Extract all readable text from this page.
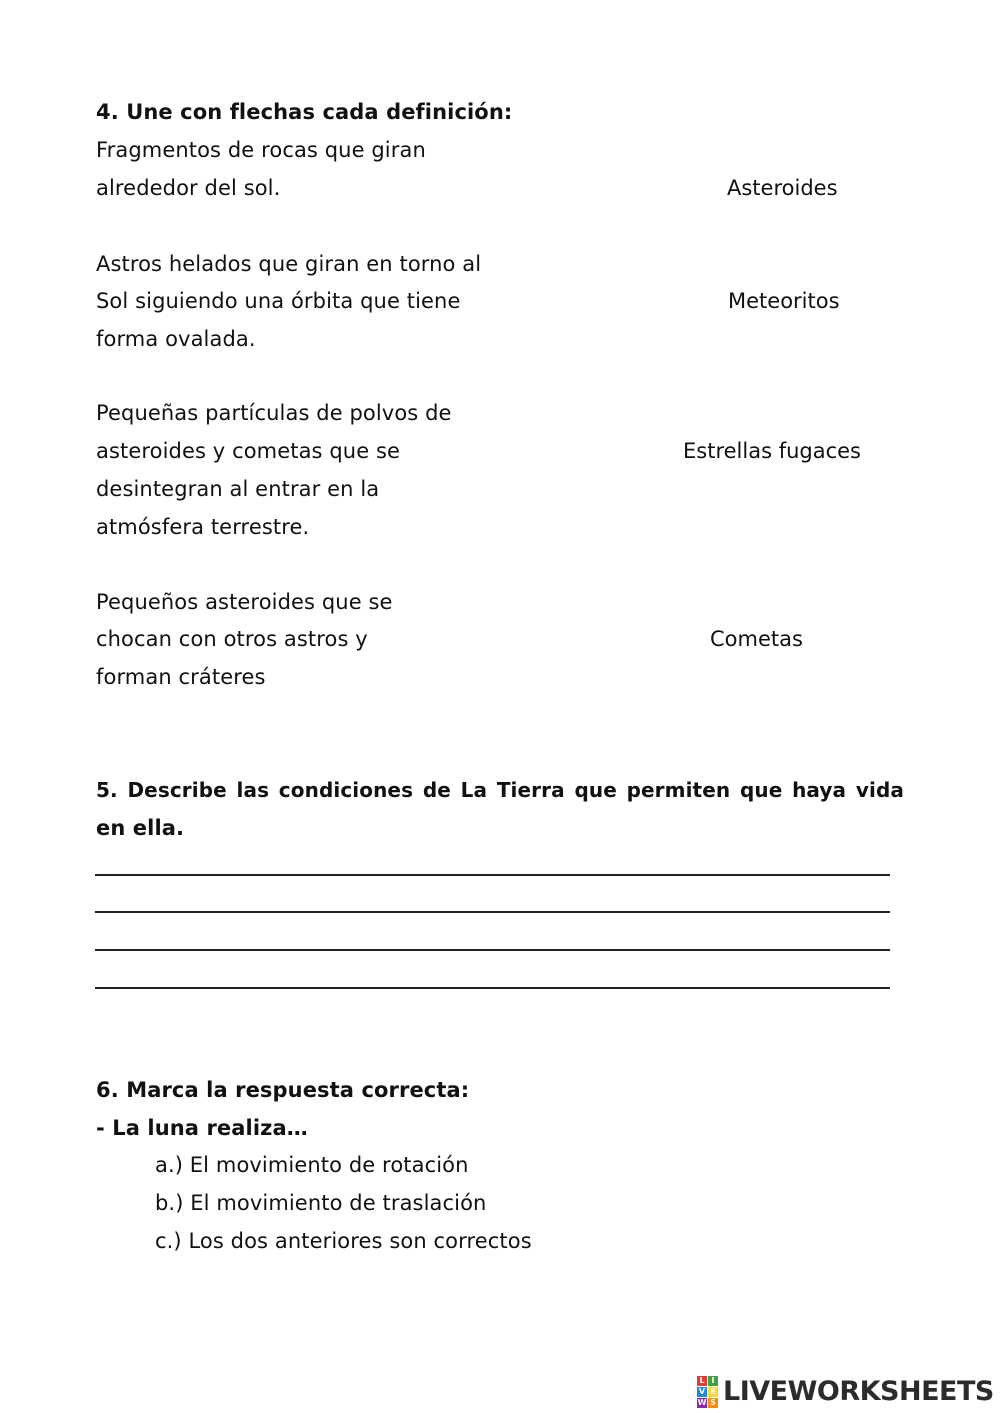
4. Une con flechas cada definición:
Fragmentos de rocas que giran
alrededor del sol.
Astros helados que giran en torno al
Sol siguiendo una órbita que tiene
forma ovalada.
Pequeñas partículas de polvos de
asteroides y cometas que se
desintegran al entrar en la
atmósfera terrestre.
Pequeños asteroides que se
chocan con otros astros y
forman cráteres
Asteroides
Meteoritos
Estrellas fugaces
Cometas
5. Describe las condiciones de La Tierra que permiten que haya vida
en ella.
6. Marca la respuesta correcta:
- La luna realiza…
a.) El movimiento de rotación
b.) El movimiento de traslación
c.) Los dos anteriores son correctos
L I
V E
W S LIVEWORKSHEETS
